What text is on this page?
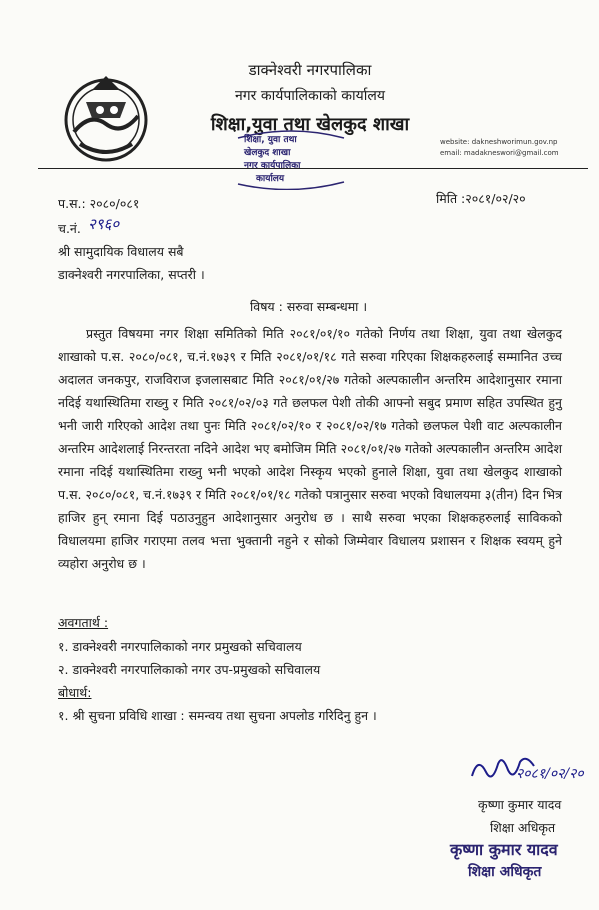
डाक्नेश्वरी नगरपालिका
नगर कार्यपालिकाको कार्यालय
शिक्षा,युवा तथा खेलकुद शाखा
website: dakneshworimun.gov.np
email: madakneswori@gmail.com
शिक्षा, युवा तथा
खेलकुद शाखा
नगर कार्यपालिका
कार्यालय
प.स.: २०८०/०८१	मिति :२०८१/०२/२०
च.नं. २९६०
श्री सामुदायिक विधालय सबै
डाक्नेश्वरी नगरपालिका, सप्तरी ।
विषय : सरुवा सम्बन्धमा ।
प्रस्तुत विषयमा नगर शिक्षा समितिको मिति २०८१/०१/१० गतेको निर्णय तथा शिक्षा, युवा तथा खेलकुद शाखाको प.स. २०८०/०८१, च.नं.१७३९ र मिति २०८१/०१/१८ गते सरुवा गरिएका शिक्षकहरुलाई सम्मानित उच्च अदालत जनकपुर, राजविराज इजलासबाट मिति २०८१/०१/२७ गतेको अल्पकालीन अन्तरिम आदेशानुसार रमाना नदिई यथास्थितिमा राख्नु र मिति २०८१/०२/०३ गते छलफल पेशी तोकी आफ्नो सबुद प्रमाण सहित उपस्थित हुनु भनी जारी गरिएको आदेश तथा पुनः मिति २०८१/०२/१० र २०८१/०२/१७ गतेको छलफल पेशी वाट अल्पकालीन अन्तरिम आदेशलाई निरन्तरता नदिने आदेश भए बमोजिम मिति २०८१/०१/२७ गतेको अल्पकालीन अन्तरिम आदेश रमाना नदिई यथास्थितिमा राख्नु भनी भएको आदेश निस्कृय भएको हुनाले शिक्षा, युवा तथा खेलकुद शाखाको प.स. २०८०/०८१, च.नं.१७३९ र मिति २०८१/०१/१८ गतेको पत्रानुसार सरुवा भएको विधालयमा ३(तीन) दिन भित्र हाजिर हुन् रमाना दिई पठाउनुहुन आदेशानुसार अनुरोध छ । साथै सरुवा भएका शिक्षकहरुलाई साविकको विधालयमा हाजिर गराएमा तलव भत्ता भुक्तानी नहुने र सोको जिम्मेवार विधालय प्रशासन र शिक्षक स्वयम् हुने व्यहोरा अनुरोध छ ।
अवगतार्थ :
१. डाक्नेश्वरी नगरपालिकाको नगर प्रमुखको सचिवालय
२. डाक्नेश्वरी नगरपालिकाको नगर उप-प्रमुखको सचिवालय
बोधार्थ:
१. श्री सुचना प्रविधि शाखा : समन्वय तथा सुचना अपलोड गरिदिनु हुन ।
२०८१/०२/२०
कृष्णा कुमार यादव
शिक्षा अधिकृत
कृष्णा कुमार यादव
शिक्षा अधिकृत
